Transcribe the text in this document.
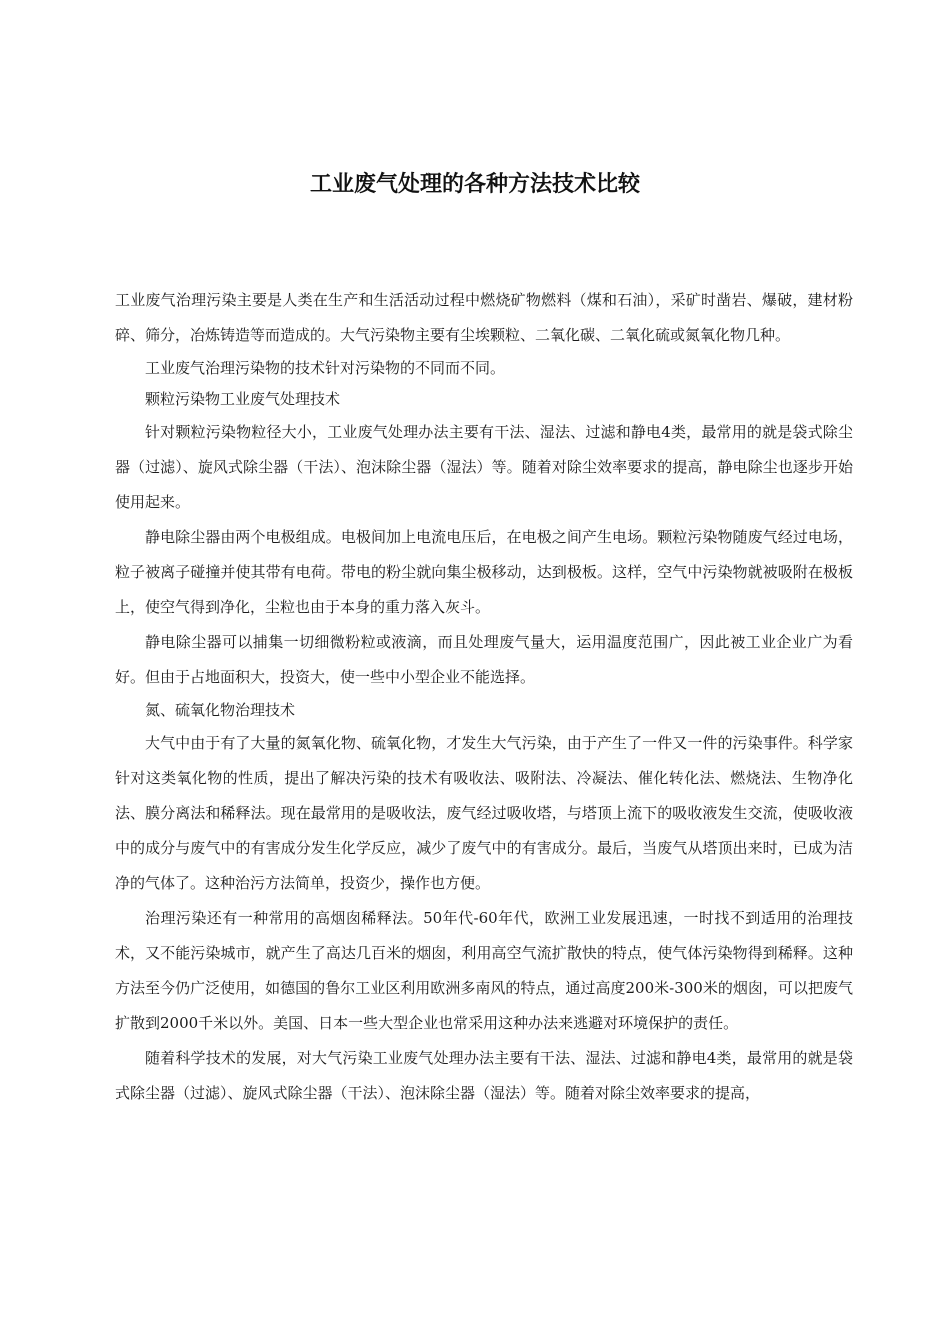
工业废气处理的各种方法技术比较

工业废气治理污染主要是人类在生产和生活活动过程中燃烧矿物燃料（煤和石油），采矿时凿岩、爆破，建材粉碎、筛分，冶炼铸造等而造成的。大气污染物主要有尘埃颗粒、二氧化碳、二氧化硫或氮氧化物几种。

工业废气治理污染物的技术针对污染物的不同而不同。

颗粒污染物工业废气处理技术

针对颗粒污染物粒径大小，工业废气处理办法主要有干法、湿法、过滤和静电4类，最常用的就是袋式除尘器（过滤）、旋风式除尘器（干法）、泡沫除尘器（湿法）等。随着对除尘效率要求的提高，静电除尘也逐步开始使用起来。

静电除尘器由两个电极组成。电极间加上电流电压后，在电极之间产生电场。颗粒污染物随废气经过电场，粒子被离子碰撞并使其带有电荷。带电的粉尘就向集尘极移动，达到极板。这样，空气中污染物就被吸附在极板上，使空气得到净化，尘粒也由于本身的重力落入灰斗。

静电除尘器可以捕集一切细微粉粒或液滴，而且处理废气量大，运用温度范围广，因此被工业企业广为看好。但由于占地面积大，投资大，使一些中小型企业不能选择。

氮、硫氧化物治理技术

大气中由于有了大量的氮氧化物、硫氧化物，才发生大气污染，由于产生了一件又一件的污染事件。科学家针对这类氧化物的性质，提出了解决污染的技术有吸收法、吸附法、冷凝法、催化转化法、燃烧法、生物净化法、膜分离法和稀释法。现在最常用的是吸收法，废气经过吸收塔，与塔顶上流下的吸收液发生交流，使吸收液中的成分与废气中的有害成分发生化学反应，减少了废气中的有害成分。最后，当废气从塔顶出来时，已成为洁净的气体了。这种治污方法简单，投资少，操作也方便。

治理污染还有一种常用的高烟囱稀释法。50年代-60年代，欧洲工业发展迅速，一时找不到适用的治理技术，又不能污染城市，就产生了高达几百米的烟囱，利用高空气流扩散快的特点，使气体污染物得到稀释。这种方法至今仍广泛使用，如德国的鲁尔工业区利用欧洲多南风的特点，通过高度200米-300米的烟囱，可以把废气扩散到2000千米以外。美国、日本一些大型企业也常采用这种办法来逃避对环境保护的责任。

随着科学技术的发展，对大气污染工业废气处理办法主要有干法、湿法、过滤和静电4类，最常用的就是袋式除尘器（过滤）、旋风式除尘器（干法）、泡沫除尘器（湿法）等。随着对除尘效率要求的提高，
